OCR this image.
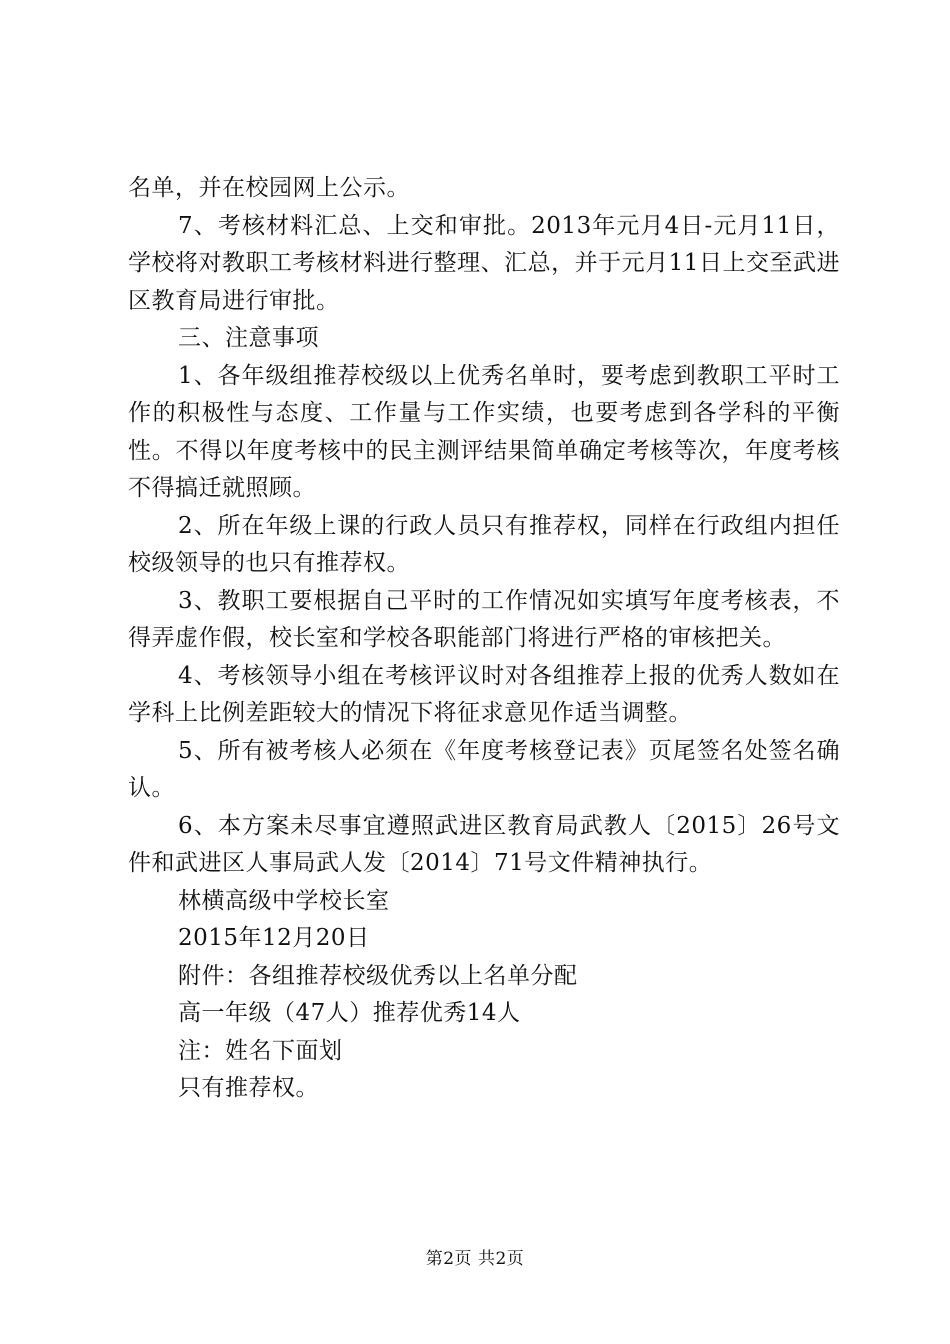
名单，并在校园网上公示。

7、考核材料汇总、上交和审批。2013年元月4日-元月11日，学校将对教职工考核材料进行整理、汇总，并于元月11日上交至武进区教育局进行审批。

三、注意事项

1、各年级组推荐校级以上优秀名单时，要考虑到教职工平时工作的积极性与态度、工作量与工作实绩，也要考虑到各学科的平衡性。不得以年度考核中的民主测评结果简单确定考核等次，年度考核不得搞迁就照顾。

2、所在年级上课的行政人员只有推荐权，同样在行政组内担任校级领导的也只有推荐权。

3、教职工要根据自己平时的工作情况如实填写年度考核表，不得弄虚作假，校长室和学校各职能部门将进行严格的审核把关。

4、考核领导小组在考核评议时对各组推荐上报的优秀人数如在学科上比例差距较大的情况下将征求意见作适当调整。

5、所有被考核人必须在《年度考核登记表》页尾签名处签名确认。

6、本方案未尽事宜遵照武进区教育局武教人〔2015〕26号文件和武进区人事局武人发〔2014〕71号文件精神执行。

林横高级中学校长室

2015年12月20日

附件：各组推荐校级优秀以上名单分配

高一年级（47人）推荐优秀14人

注：姓名下面划

只有推荐权。

第2页 共2页
